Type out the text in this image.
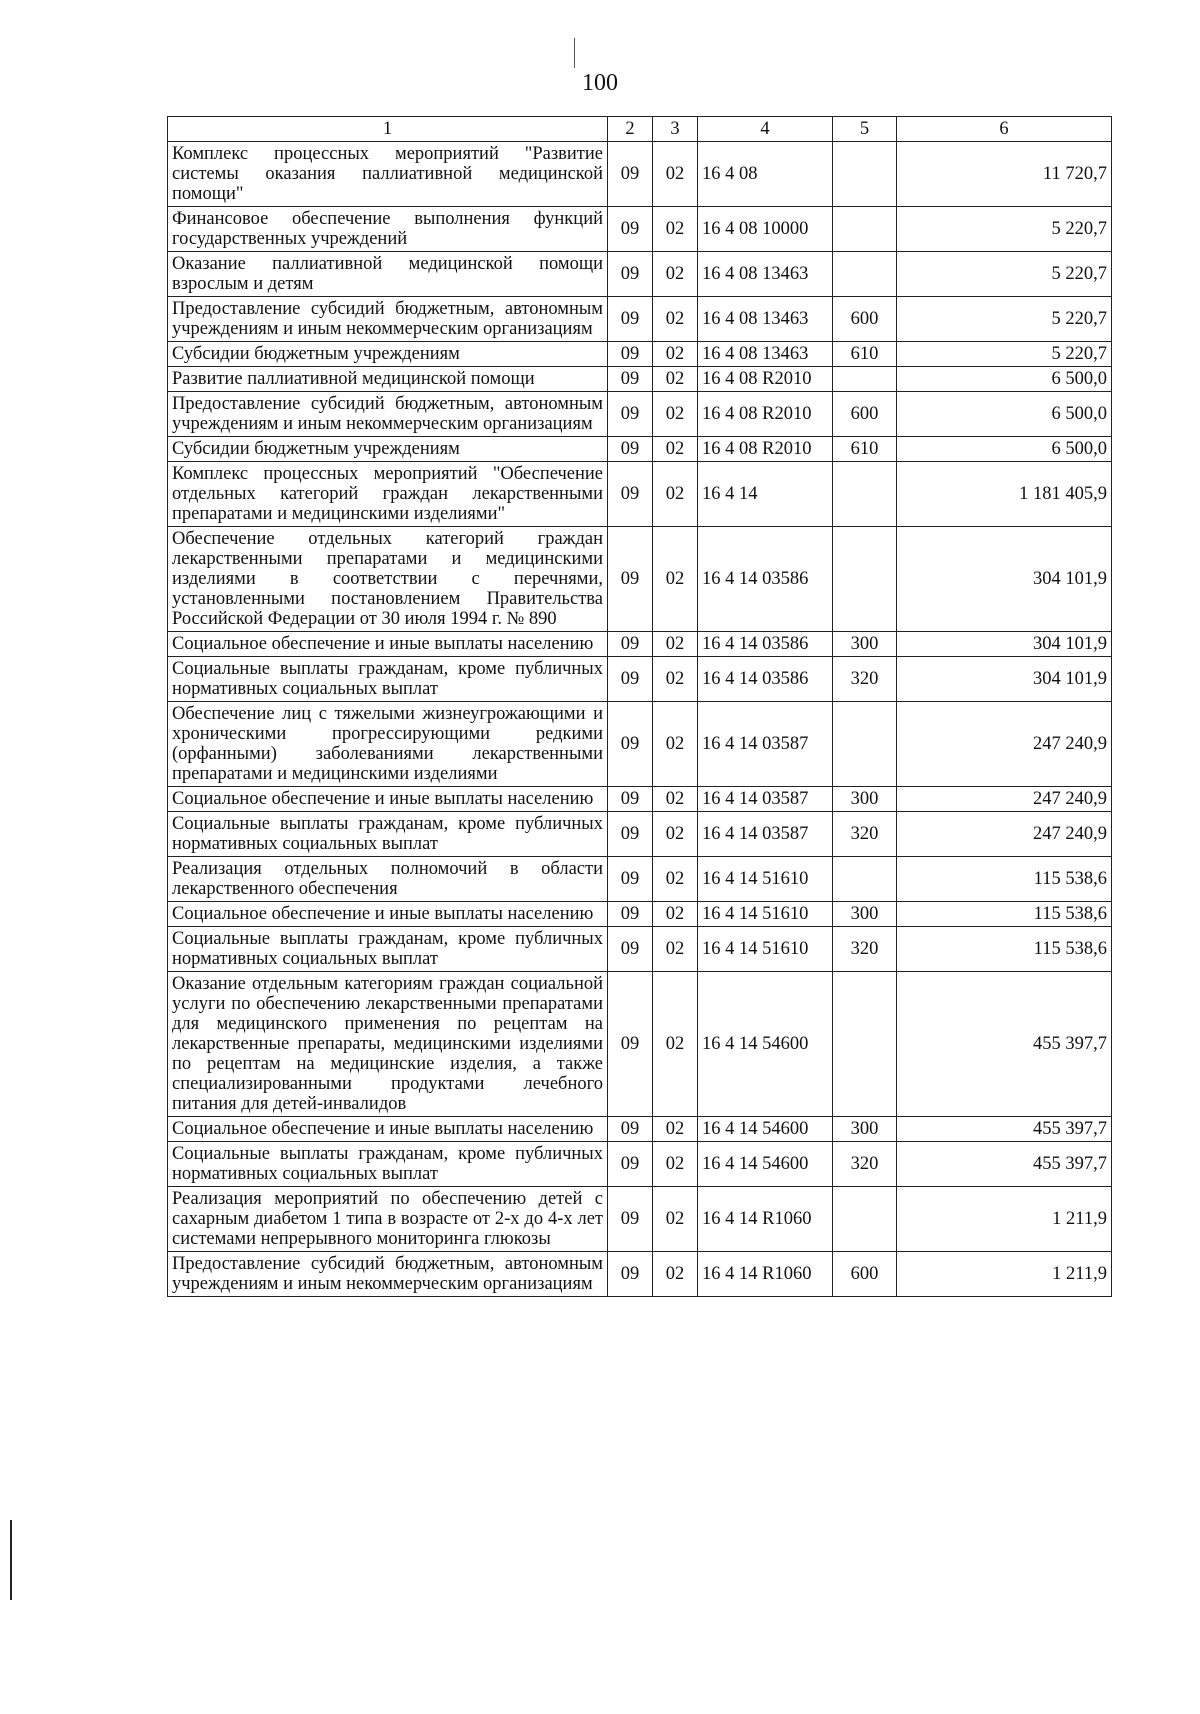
100
1	2	3	4	5	6
Комплекс процессных мероприятий "Развитие системы оказания паллиативной медицинской помощи"	09	02	16 4 08		11 720,7
Финансовое обеспечение выполнения функций государственных учреждений	09	02	16 4 08 10000		5 220,7
Оказание паллиативной медицинской помощи взрослым и детям	09	02	16 4 08 13463		5 220,7
Предоставление субсидий бюджетным, автономным учреждениям и иным некоммерческим организациям	09	02	16 4 08 13463	600	5 220,7
Субсидии бюджетным учреждениям	09	02	16 4 08 13463	610	5 220,7
Развитие паллиативной медицинской помощи	09	02	16 4 08 R2010		6 500,0
Предоставление субсидий бюджетным, автономным учреждениям и иным некоммерческим организациям	09	02	16 4 08 R2010	600	6 500,0
Субсидии бюджетным учреждениям	09	02	16 4 08 R2010	610	6 500,0
Комплекс процессных мероприятий "Обеспечение отдельных категорий граждан лекарственными препаратами и медицинскими изделиями"	09	02	16 4 14		1 181 405,9
Обеспечение отдельных категорий граждан лекарственными препаратами и медицинскими изделиями в соответствии с перечнями, установленными постановлением Правительства Российской Федерации от 30 июля 1994 г. № 890	09	02	16 4 14 03586		304 101,9
Социальное обеспечение и иные выплаты населению	09	02	16 4 14 03586	300	304 101,9
Социальные выплаты гражданам, кроме публичных нормативных социальных выплат	09	02	16 4 14 03586	320	304 101,9
Обеспечение лиц с тяжелыми жизнеугрожающими и хроническими прогрессирующими редкими (орфанными) заболеваниями лекарственными препаратами и медицинскими изделиями	09	02	16 4 14 03587		247 240,9
Социальное обеспечение и иные выплаты населению	09	02	16 4 14 03587	300	247 240,9
Социальные выплаты гражданам, кроме публичных нормативных социальных выплат	09	02	16 4 14 03587	320	247 240,9
Реализация отдельных полномочий в области лекарственного обеспечения	09	02	16 4 14 51610		115 538,6
Социальное обеспечение и иные выплаты населению	09	02	16 4 14 51610	300	115 538,6
Социальные выплаты гражданам, кроме публичных нормативных социальных выплат	09	02	16 4 14 51610	320	115 538,6
Оказание отдельным категориям граждан социальной услуги по обеспечению лекарственными препаратами для медицинского применения по рецептам на лекарственные препараты, медицинскими изделиями по рецептам на медицинские изделия, а также специализированными продуктами лечебного питания для детей-инвалидов	09	02	16 4 14 54600		455 397,7
Социальное обеспечение и иные выплаты населению	09	02	16 4 14 54600	300	455 397,7
Социальные выплаты гражданам, кроме публичных нормативных социальных выплат	09	02	16 4 14 54600	320	455 397,7
Реализация мероприятий по обеспечению детей с сахарным диабетом 1 типа в возрасте от 2-х до 4-х лет системами непрерывного мониторинга глюкозы	09	02	16 4 14 R1060		1 211,9
Предоставление субсидий бюджетным, автономным учреждениям и иным некоммерческим организациям	09	02	16 4 14 R1060	600	1 211,9
